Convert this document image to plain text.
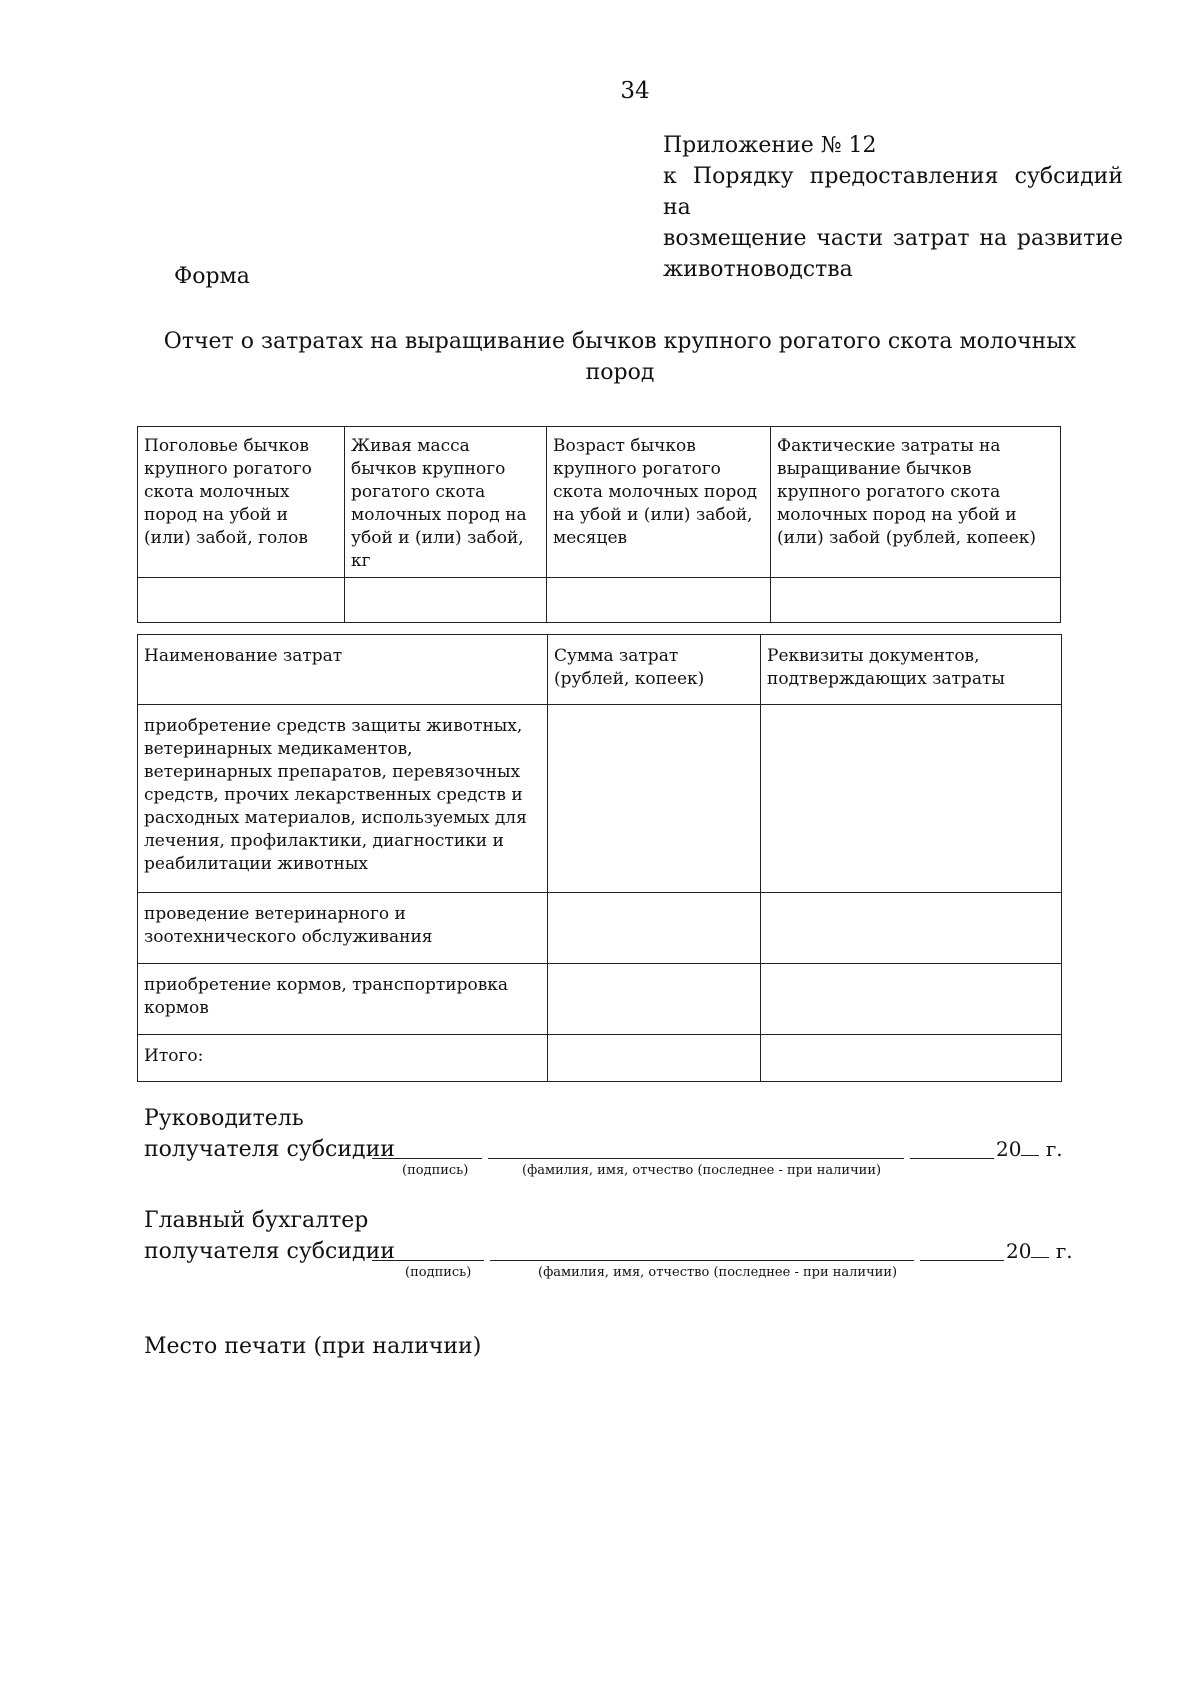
34
Приложение № 12
к Порядку предоставления субсидий на
возмещение части затрат на развитие
животноводства
Форма
Отчет о затратах на выращивание бычков крупного рогатого скота молочных
пород
Поголовье бычков крупного рогатого скота молочных пород на убой и (или) забой, голов	Живая масса бычков крупного рогатого скота молочных пород на убой и (или) забой, кг	Возраст бычков крупного рогатого скота молочных пород на убой и (или) забой, месяцев	Фактические затраты на выращивание бычков крупного рогатого скота молочных пород на убой и (или) забой (рублей, копеек)

Наименование затрат	Сумма затрат (рублей, копеек)	Реквизиты документов, подтверждающих затраты
приобретение средств защиты животных, ветеринарных медикаментов, ветеринарных препаратов, перевязочных средств, прочих лекарственных средств и расходных материалов, используемых для лечения, профилактики, диагностики и реабилитации животных		
проведение ветеринарного и зоотехнического обслуживания		
приобретение кормов, транспортировка кормов		
Итого:		
Руководитель
получателя субсидии	20 г.
(подпись)	(фамилия, имя, отчество (последнее - при наличии)
Главный бухгалтер
получателя субсидии	20 г.
(подпись)	(фамилия, имя, отчество (последнее - при наличии)
Место печати (при наличии)
